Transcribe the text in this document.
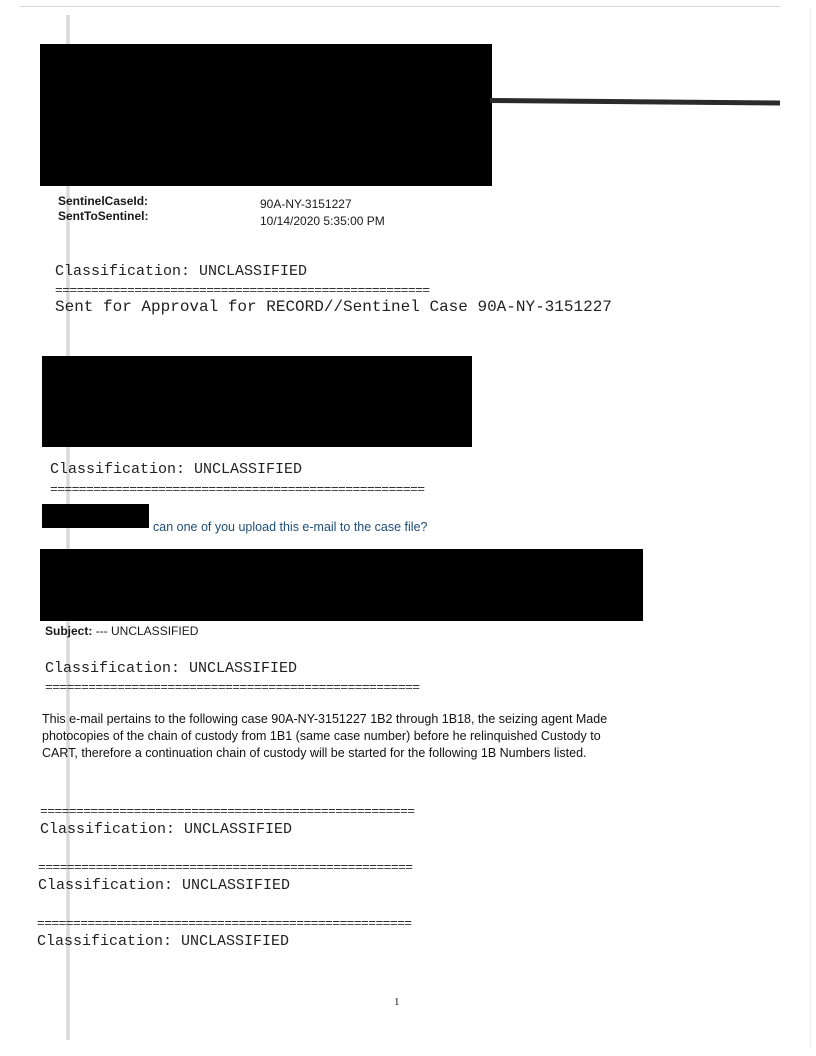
SentinelCaseId:	90A-NY-3151227
SentToSentinel:	10/14/2020 5:35:00 PM
Classification: UNCLASSIFIED
====================================================
Sent for Approval for RECORD//Sentinel Case 90A-NY-3151227
Classification: UNCLASSIFIED
====================================================
can one of you upload this e-mail to the case file?
Subject: --- UNCLASSIFIED
Classification: UNCLASSIFIED
====================================================
This e-mail pertains to the following case 90A-NY-3151227 1B2 through 1B18, the seizing agent Made photocopies of the chain of custody from 1B1 (same case number) before he relinquished Custody to CART, therefore a continuation chain of custody will be started for the following 1B Numbers listed.
====================================================
Classification: UNCLASSIFIED
====================================================
Classification: UNCLASSIFIED
====================================================
Classification: UNCLASSIFIED
1
